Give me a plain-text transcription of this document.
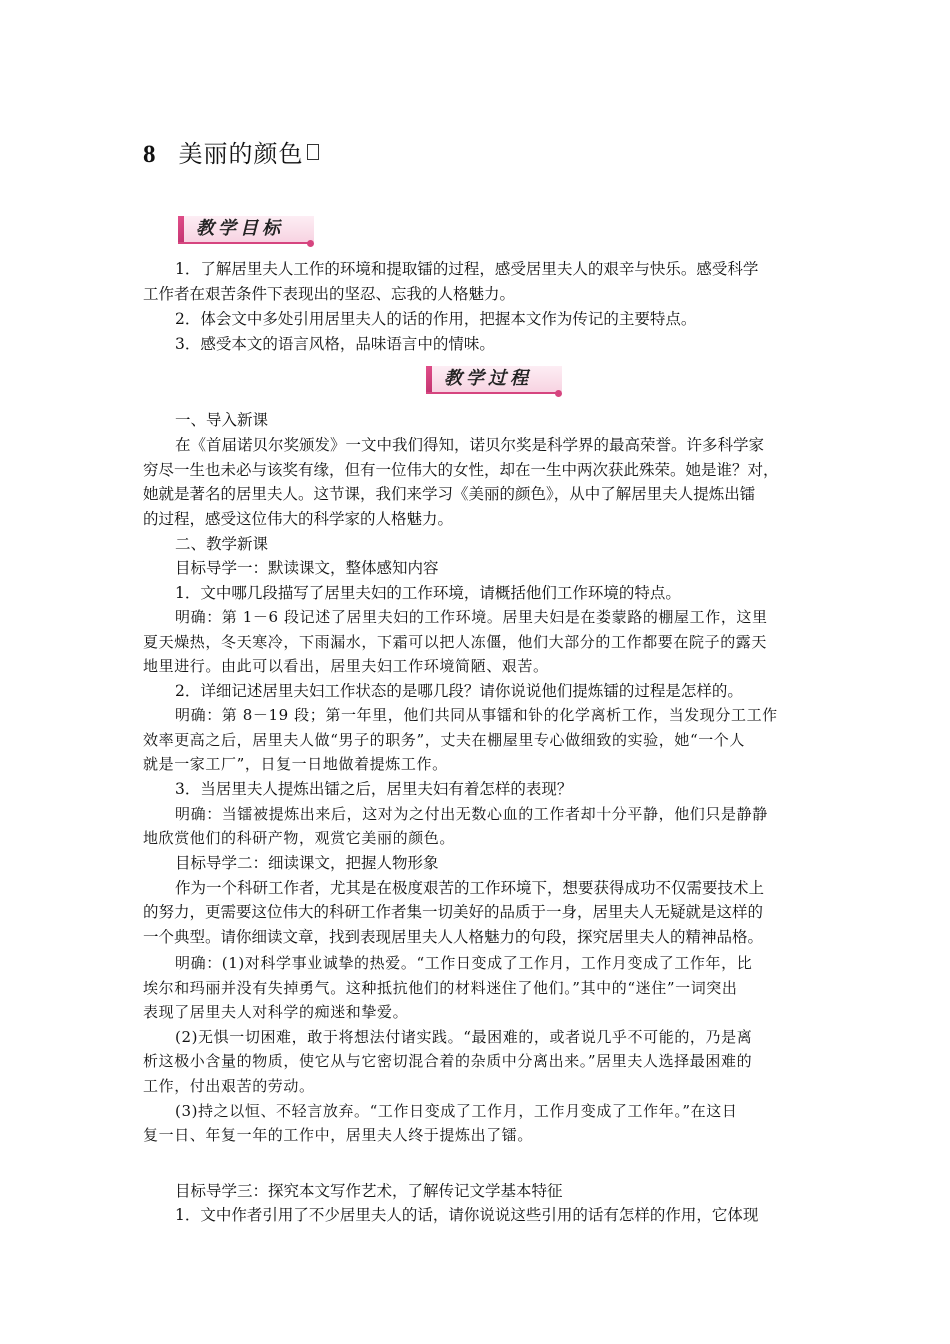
8 美丽的颜色
教学目标
1．了解居里夫人工作的环境和提取镭的过程，感受居里夫人的艰辛与快乐。感受科学
工作者在艰苦条件下表现出的坚忍、忘我的人格魅力。
2．体会文中多处引用居里夫人的话的作用，把握本文作为传记的主要特点。
3．感受本文的语言风格，品味语言中的情味。
教学过程
一、导入新课
在《首届诺贝尔奖颁发》一文中我们得知，诺贝尔奖是科学界的最高荣誉。许多科学家
穷尽一生也未必与该奖有缘，但有一位伟大的女性，却在一生中两次获此殊荣。她是谁？对，
她就是著名的居里夫人。这节课，我们来学习《美丽的颜色》，从中了解居里夫人提炼出镭
的过程，感受这位伟大的科学家的人格魅力。
二、教学新课
目标导学一：默读课文，整体感知内容
1．文中哪几段描写了居里夫妇的工作环境，请概括他们工作环境的特点。
明确：第 1－6 段记述了居里夫妇的工作环境。居里夫妇是在娄蒙路的棚屋工作，这里
夏天燥热，冬天寒冷，下雨漏水，下霜可以把人冻僵，他们大部分的工作都要在院子的露天
地里进行。由此可以看出，居里夫妇工作环境简陋、艰苦。
2．详细记述居里夫妇工作状态的是哪几段？请你说说他们提炼镭的过程是怎样的。
明确：第 8－19 段；第一年里，他们共同从事镭和钋的化学离析工作，当发现分工工作
效率更高之后，居里夫人做“男子的职务”，丈夫在棚屋里专心做细致的实验，她“一个人
就是一家工厂”，日复一日地做着提炼工作。
3．当居里夫人提炼出镭之后，居里夫妇有着怎样的表现？
明确：当镭被提炼出来后，这对为之付出无数心血的工作者却十分平静，他们只是静静
地欣赏他们的科研产物，观赏它美丽的颜色。
目标导学二：细读课文，把握人物形象
作为一个科研工作者，尤其是在极度艰苦的工作环境下，想要获得成功不仅需要技术上
的努力，更需要这位伟大的科研工作者集一切美好的品质于一身，居里夫人无疑就是这样的
一个典型。请你细读文章，找到表现居里夫人人格魅力的句段，探究居里夫人的精神品格。
明确：(1)对科学事业诚挚的热爱。“工作日变成了工作月，工作月变成了工作年，比
埃尔和玛丽并没有失掉勇气。这种抵抗他们的材料迷住了他们。”其中的“迷住”一词突出
表现了居里夫人对科学的痴迷和挚爱。
(2)无惧一切困难，敢于将想法付诸实践。“最困难的，或者说几乎不可能的，乃是离
析这极小含量的物质，使它从与它密切混合着的杂质中分离出来。”居里夫人选择最困难的
工作，付出艰苦的劳动。
(3)持之以恒、不轻言放弃。“工作日变成了工作月，工作月变成了工作年。”在这日
复一日、年复一年的工作中，居里夫人终于提炼出了镭。
目标导学三：探究本文写作艺术，了解传记文学基本特征
1．文中作者引用了不少居里夫人的话，请你说说这些引用的话有怎样的作用，它体现
